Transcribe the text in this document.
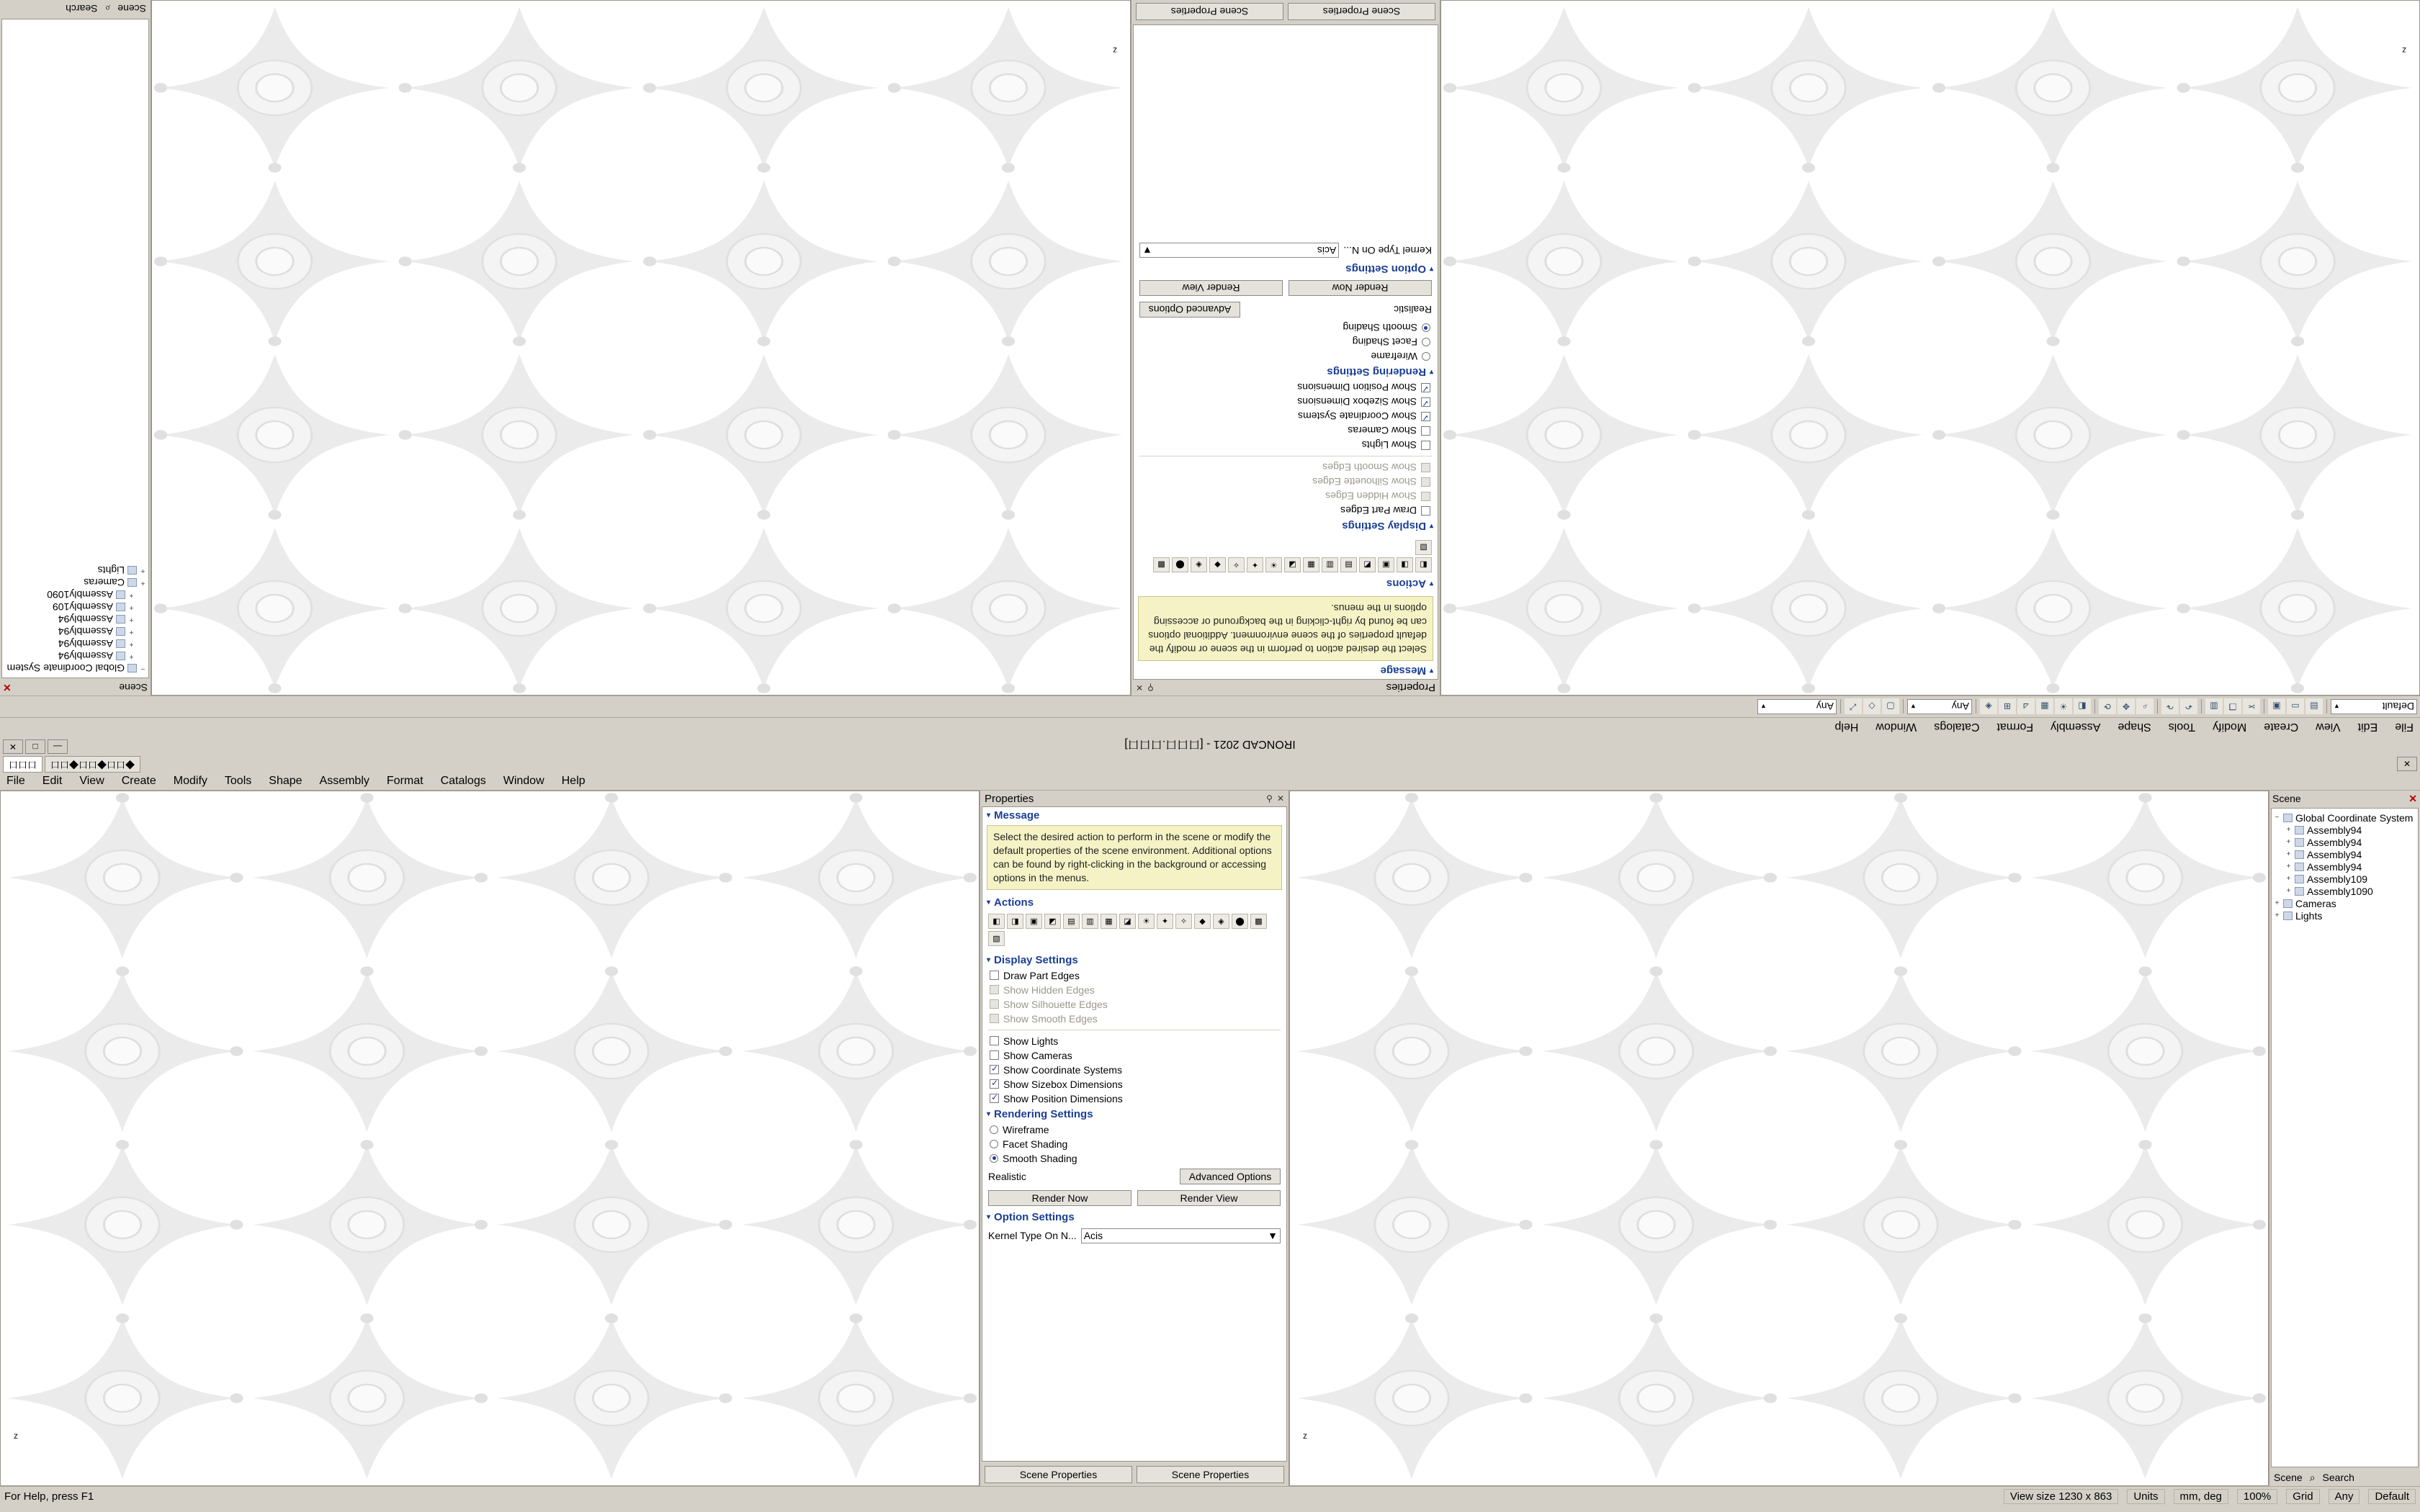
IRONCAD 2021 - [口口口.口口口]
—
□
✕
File
Edit
View
Create
Modify
Tools
Shape
Assembly
Format
Catalogs
Window
Help
Default
▼
▤
▭
▣
✂
❐
▥
↶
↷
⌕
✥
⟳
◧
☀
▦
⊿
⊞
◈
Any
▼
▢
◇
⤢
Any
▼
z
Properties
⚲
✕
▾
Message
Select the desired action to perform in the scene or modify the default properties of the scene environment. Additional options can be found by right-clicking in the background or accessing options in the menus.
▾
Actions
◧
◨
▣
◩
▤
▥
▦
◪
☀
✦
✧
◆
◈
⬤
▩
▧
▾
Display Settings
Draw Part Edges
Show Hidden Edges
Show Silhouette Edges
Show Smooth Edges
Show Lights
Show Cameras
✓
Show Coordinate Systems
✓
Show Sizebox Dimensions
✓
Show Position Dimensions
▾
Rendering Settings
Wireframe
Facet Shading
Smooth Shading
Realistic
Advanced Options
Render Now
Render View
▾
Option Settings
Kernel Type On N...
Acis
▼
Scene Properties
Scene Properties
z
Scene
✕
−
Global Coordinate System
+
Assembly94
+
Assembly94
+
Assembly94
+
Assembly94
+
Assembly109
+
Assembly1090
+
Cameras
+
Lights
Scene
⌕
Search
口口口	口口◆口口◆口口◆	✕
File	Edit	View	Create	Modify	Tools	Shape	Assembly	Format	Catalogs	Window	Help
z
Properties	⚲ ✕
▾ Message
Select the desired action to perform in the scene or modify the default properties of the scene environment. Additional options can be found by right-clicking in the background or accessing options in the menus.
▾ Actions
◧	◨	▣	◩	▤	▥	▦	◪	☀	✦	✧	◆	◈	⬤	▩
▧
▾ Display Settings
Draw Part Edges
Show Hidden Edges
Show Silhouette Edges
Show Smooth Edges
Show Lights
Show Cameras
✓
Show Coordinate Systems
✓
Show Sizebox Dimensions
✓
Show Position Dimensions
▾ Rendering Settings
Wireframe
Facet Shading
Smooth Shading
Realistic	Advanced Options
Render Now	Render View
▾ Option Settings
Kernel Type On N... Acis	▼
Scene Properties	Scene Properties
z
Scene	✕
− Global Coordinate System
+ Assembly94
+ Assembly94
+ Assembly94
+ Assembly94
+ Assembly109
+ Assembly1090
+ Cameras
+ Lights
Scene ⌕ Search
For Help, press F1	View size 1230 x 863	Units	mm, deg	100%	Grid	Any	Default
